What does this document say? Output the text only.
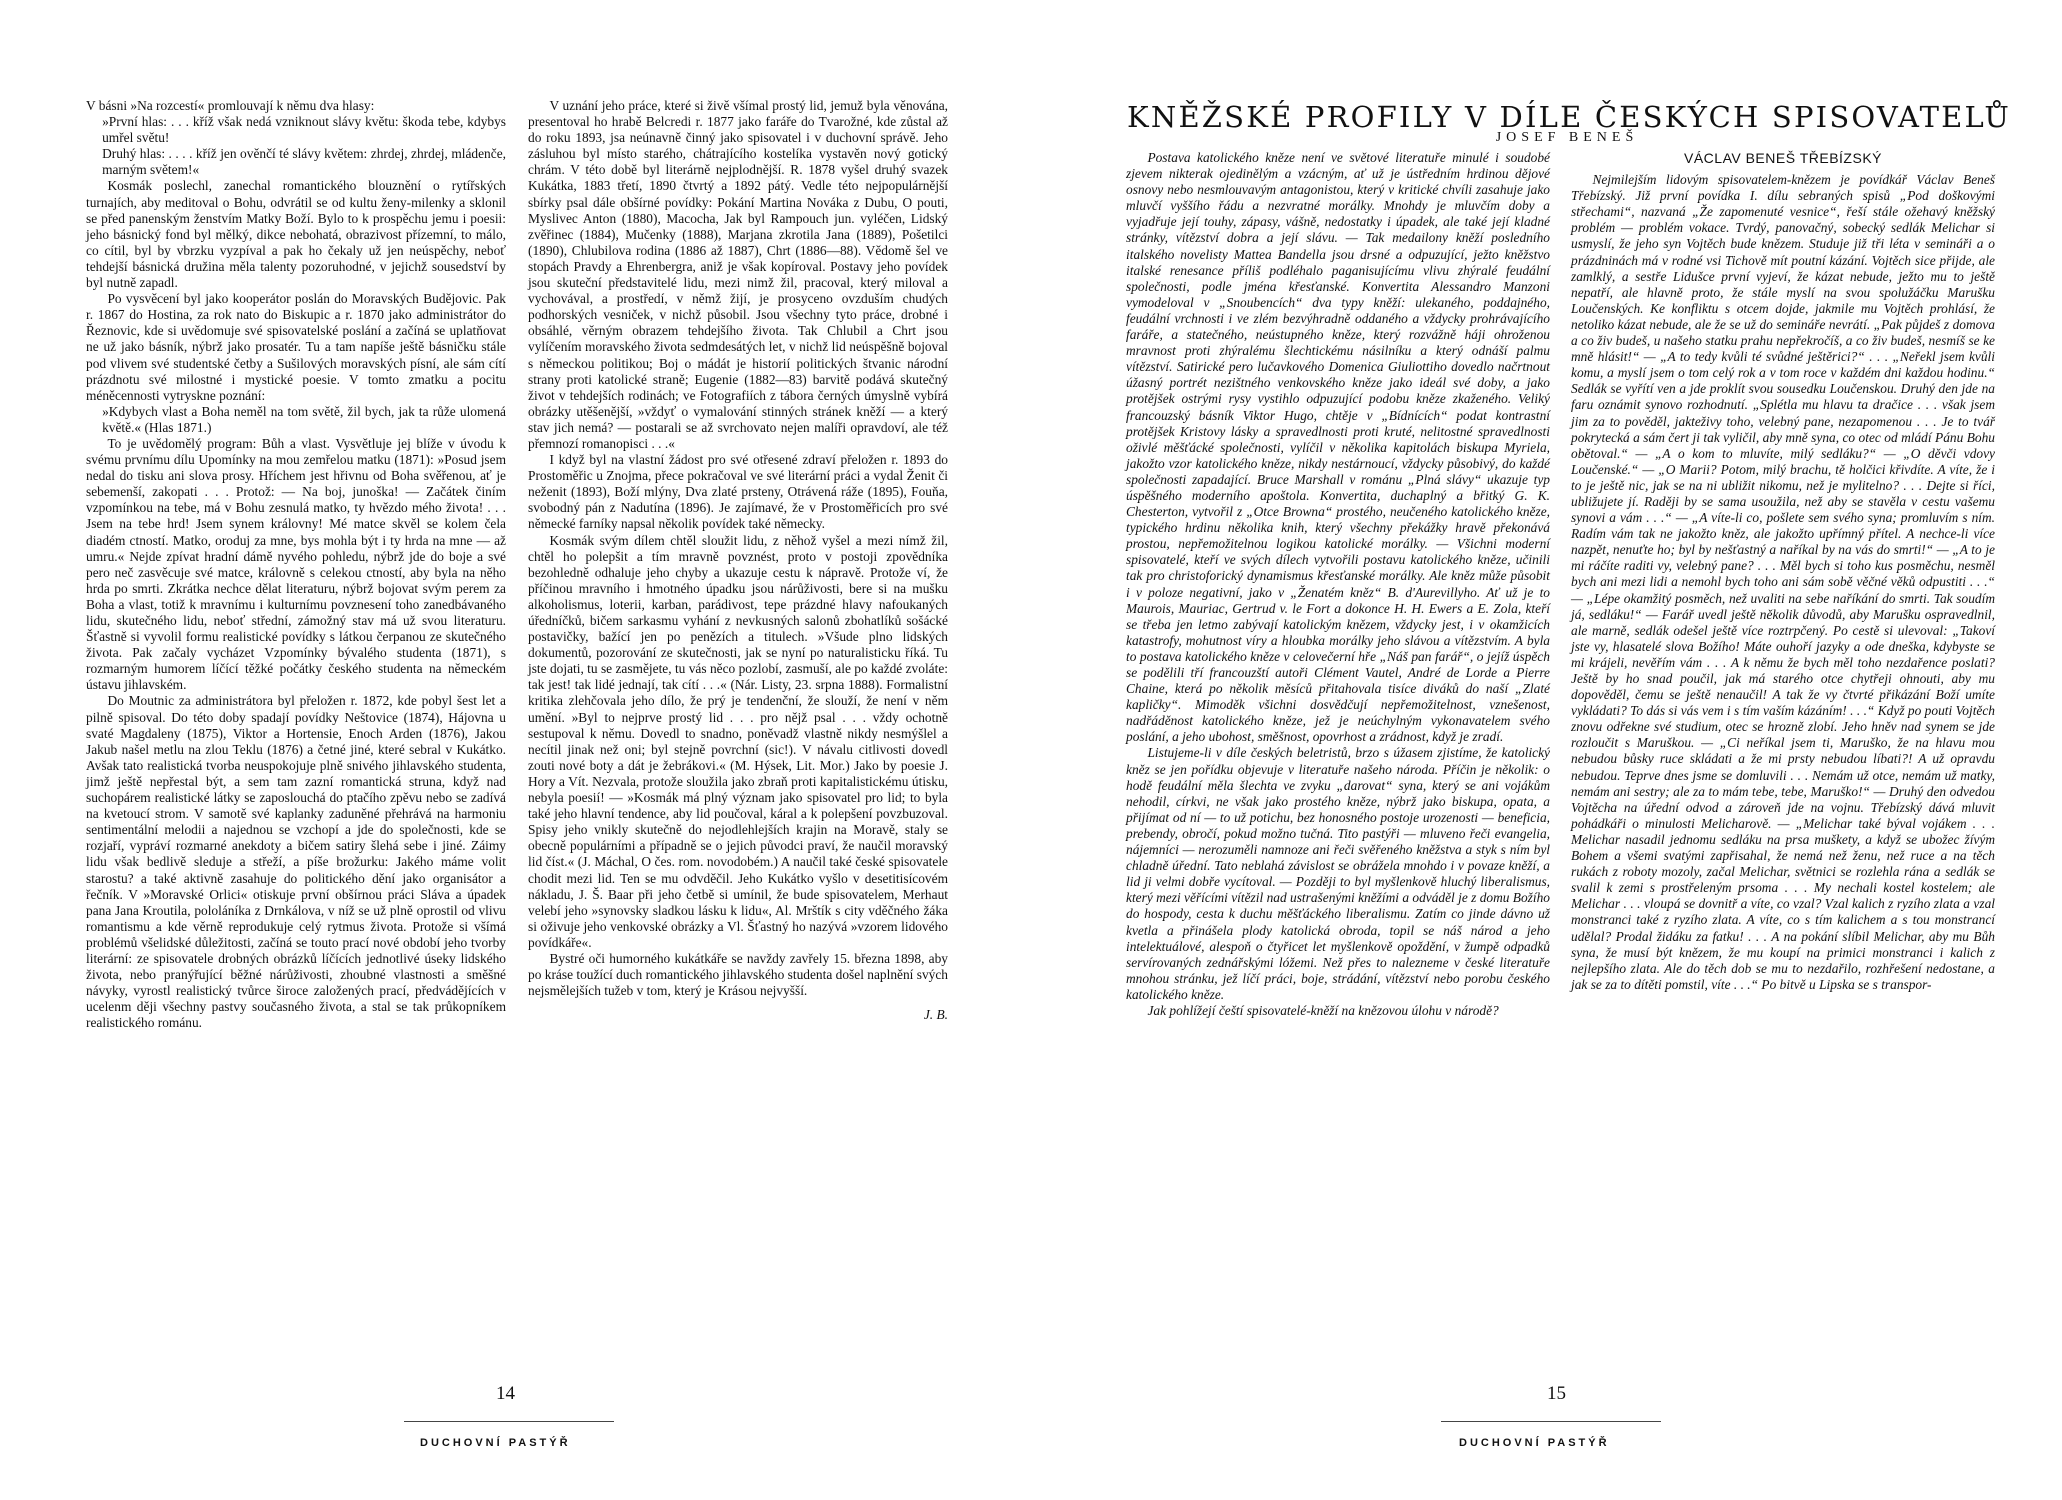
V básni »Na rozcestí« promlouvají k němu dva hlasy:

»První hlas: . . . kříž však nedá vzniknout slávy květu: škoda tebe, kdybys umřel světu!

Druhý hlas: . . . . kříž jen ověnčí té slávy květem: zhrdej, zhrdej, mládenče, marným světem!«

Kosmák poslechl, zanechal romantického blouznění o rytířských turnajích, aby meditoval o Bohu, odvrátil se od kultu ženy-milenky a sklonil se před panenským ženstvím Matky Boží. Bylo to k prospěchu jemu i poesii: jeho básnický fond byl mělký, dikce nebohatá, obrazivost přízemní, to málo, co cítil, byl by vbrzku vyzpíval a pak ho čekaly už jen neúspěchy, neboť tehdejší básnická družina měla talenty pozoruhodné, v jejichž sousedství by byl nutně zapadl.

Po vysvěcení byl jako kooperátor poslán do Moravských Budějovic. Pak r. 1867 do Hostina, za rok nato do Biskupic a r. 1870 jako administrátor do Řeznovic, kde si uvědomuje své spisovatelské poslání a začíná se uplatňovat ne už jako básník, nýbrž jako prosatér. Tu a tam napíše ještě básničku stále pod vlivem své studentské četby a Sušilových moravských písní, ale sám cítí prázdnotu své milostné i mystické poesie. V tomto zmatku a pocitu méněcennosti vytryskne poznání:

»Kdybych vlast a Boha neměl na tom světě, žil bych, jak ta růže ulomená květě.« (Hlas 1871.)

To je uvědomělý program: Bůh a vlast. Vysvětluje jej blíže v úvodu k svému prvnímu dílu Upomínky na mou zemřelou matku (1871): »Posud jsem nedal do tisku ani slova prosy. Hříchem jest hřivnu od Boha svěřenou, ať je sebemenší, zakopati . . . Protož: — Na boj, junoška! — Začátek činím vzpomínkou na tebe, má v Bohu zesnulá matko, ty hvězdo mého života! . . . Jsem na tebe hrd! Jsem synem královny! Mé matce skvěl se kolem čela diadém ctností. Matko, oroduj za mne, bys mohla být i ty hrda na mne — až umru.« Nejde zpívat hradní dámě nyvého pohledu, nýbrž jde do boje a své pero neč zasvěcuje své matce, královně s celekou ctností, aby byla na něho hrda po smrti. Zkrátka nechce dělat literaturu, nýbrž bojovat svým perem za Boha a vlast, totiž k mravnímu i kulturnímu povznesení toho zanedbávaného lidu, skutečného lidu, neboť střední, zámožný stav má už svou literaturu. Šťastně si vyvolil formu realistické povídky s látkou čerpanou ze skutečného života. Pak začaly vycházet Vzpomínky bývalého studenta (1871), s rozmarným humorem líčící těžké počátky českého studenta na německém ústavu jihlavském.

Do Moutnic za administrátora byl přeložen r. 1872, kde pobyl šest let a pilně spisoval. Do této doby spadají povídky Neštovice (1874), Hájovna u svaté Magdaleny (1875), Viktor a Hortensie, Enoch Arden (1876), Jakou Jakub našel metlu na zlou Teklu (1876) a četné jiné, které sebral v Kukátko. Avšak tato realistická tvorba neuspokojuje plně snivého jihlavského studenta, jimž ještě nepřestal být, a sem tam zazní romantická struna, když nad suchopárem realistické látky se zaposlouchá do ptačího zpěvu nebo se zadívá na kvetoucí strom. V samotě své kaplanky zaduněné přehrává na harmoniu sentimentální melodii a najednou se vzchopí a jde do společnosti, kde se rozjaří, vypráví rozmarné anekdoty a bičem satiry šlehá sebe i jiné. Záimy lidu však bedlivě sleduje a střeží, a píše brožurku: Jakého máme volit starostu? a také aktivně zasahuje do politického dění jako organisátor a řečník. V »Moravské Orlici« otiskuje první obšírnou práci Sláva a úpadek pana Jana Kroutila, pololáníka z Drnkálova, v níž se už plně oprostil od vlivu romantismu a kde věrně reprodukuje celý rytmus života. Protože si všímá problémů všelidské důležitosti, začíná se touto prací nové období jeho tvorby literární: ze spisovatele drobných obrázků líčících jednotlivé úseky lidského života, nebo pranýřující běžné nárůživosti, zhoubné vlastnosti a směšné návyky, vyrostl realistický tvůrce široce založených prací, předvádějících v ucelenm ději všechny pastvy současného života, a stal se tak průkopníkem realistického románu.

V uznání jeho práce, které si živě všímal prostý lid, jemuž byla věnována, presentoval ho hrabě Belcredi r. 1877 jako faráře do Tvarožné, kde zůstal až do roku 1893, jsa neúnavně činný jako spisovatel i v duchovní správě. Jeho zásluhou byl místo starého, chátrajícího kostelíka vystavěn nový gotický chrám. V této době byl literárně nejplodnější. R. 1878 vyšel druhý svazek Kukátka, 1883 třetí, 1890 čtvrtý a 1892 pátý. Vedle této nejpopulárnější sbírky psal dále obšírné povídky: Pokání Martina Nováka z Dubu, O pouti, Myslivec Anton (1880), Macocha, Jak byl Rampouch jun. vyléčen, Lidský zvěřinec (1884), Mučenky (1888), Marjana zkrotila Jana (1889), Pošetilci (1890), Chlubilova rodina (1886 až 1887), Chrt (1886—88). Vědomě šel ve stopách Pravdy a Ehrenbergra, aniž je však kopíroval. Postavy jeho povídek jsou skuteční představitelé lidu, mezi nimž žil, pracoval, který miloval a vychovával, a prostředí, v němž žijí, je prosyceno ovzduším chudých podhorských vesniček, v nichž působil. Jsou všechny tyto práce, drobné i obsáhlé, věrným obrazem tehdejšího života. Tak Chlubil a Chrt jsou vylíčením moravského života sedmdesátých let, v nichž lid neúspěšně bojoval s německou politikou; Boj o mádát je historií politických štvanic národní strany proti katolické straně; Eugenie (1882—83) barvitě podává skutečný život v tehdejších rodinách; ve Fotografiích z tábora černých úmyslně vybírá obrázky utěšenější, »vždyť o vymalování stinných stránek kněží — a který stav jich nemá? — postarali se až svrchovato nejen malíři opravdoví, ale též přemnozí romanopisci . . .«

I když byl na vlastní žádost pro své otřesené zdraví přeložen r. 1893 do Prostoměřic u Znojma, přece pokračoval ve své literární práci a vydal Ženit či neženit (1893), Boží mlýny, Dva zlaté prsteny, Otrávená ráže (1895), Fouňa, svobodný pán z Nadutína (1896). Je zajímavé, že v Prostoměřicích pro své německé farníky napsal několik povídek také německy.

Kosmák svým dílem chtěl sloužit lidu, z něhož vyšel a mezi nímž žil, chtěl ho polepšit a tím mravně povznést, proto v postoji zpovědníka bezohledně odhaluje jeho chyby a ukazuje cestu k nápravě. Protože ví, že příčinou mravního i hmotného úpadku jsou nárůživosti, bere si na mušku alkoholismus, loterii, karban, parádivost, tepe prázdné hlavy nafoukaných úředníčků, bičem sarkasmu vyhání z nevkusných salonů zbohatlíků sošácké postavičky, bažící jen po penězích a titulech. »Všude plno lidských dokumentů, pozorování ze skutečnosti, jak se nyní po naturalisticku říká. Tu jste dojati, tu se zasmějete, tu vás něco pozlobí, zasmuší, ale po každé zvoláte: tak jest! tak lidé jednají, tak cítí . . .« (Nár. Listy, 23. srpna 1888). Formalistní kritika zlehčovala jeho dílo, že prý je tendenční, že slouží, že není v něm umění. »Byl to nejprve prostý lid . . . pro nějž psal . . . vždy ochotně sestupoval k němu. Dovedl to snadno, poněvadž vlastně nikdy nesmýšlel a necítil jinak než oni; byl stejně povrchní (sic!). V návalu citlivosti dovedl zouti nové boty a dát je žebrákovi.« (M. Hýsek, Lit. Mor.) Jako by poesie J. Hory a Vít. Nezvala, protože sloužila jako zbraň proti kapitalistickému útisku, nebyla poesií! — »Kosmák má plný význam jako spisovatel pro lid; to byla také jeho hlavní tendence, aby lid poučoval, káral a k polepšení povzbuzoval. Spisy jeho vnikly skutečně do nejodlehlejších krajin na Moravě, staly se obecně populárními a případně se o jejich původci praví, že naučil moravský lid číst.« (J. Máchal, O čes. rom. novodobém.) A naučil také české spisovatele chodit mezi lid. Ten se mu odvděčil. Jeho Kukátko vyšlo v desetitisícovém nákladu, J. Š. Baar při jeho četbě si umínil, že bude spisovatelem, Merhaut velebí jeho »synovsky sladkou lásku k lidu«, Al. Mrštík s city vděčného žáka si oživuje jeho venkovské obrázky a Vl. Šťastný ho nazývá »vzorem lidového povídkáře«.

Bystré oči humorného kukátkáře se navždy zavřely 15. března 1898, aby po kráse toužící duch romantického jihlavského studenta došel naplnění svých nejsmělejších tužeb v tom, který je Krásou nejvyšší.

J. B.
14
DUCHOVNÍ PASTÝŘ
KNĚŽSKÉ PROFILY V DÍLE ČESKÝCH SPISOVATELŮ
JOSEF BENEŠ

Postava katolického kněze není ve světové literatuře minulé i soudobé zjevem nikterak ojedinělým a vzácným, ať už je ústředním hrdinou dějové osnovy nebo nesmlouvavým antagonistou, který v kritické chvíli zasahuje jako mluvčí vyššího řádu a nezvratné morálky. Mnohdy je mluvčím doby a vyjadřuje její touhy, zápasy, vášně, nedostatky i úpadek, ale také její kladné stránky, vítězství dobra a její slávu. — Tak medailony kněží posledního italského novelisty Mattea Bandella jsou drsné a odpuzující, ježto kněžstvo italské renesance příliš podléhalo paganisujícímu vlivu zhýralé feudální společnosti, podle jména křesťanské. Konvertita Alessandro Manzoni vymodeloval v „Snoubencích“ dva typy kněží: ulekaného, poddajného, feudální vrchnosti i ve zlém bezvýhradně oddaného a vždycky prohrávajícího faráře, a statečného, neústupného kněze, který rozvážně háji ohroženou mravnost proti zhýralému šlechtickému násilníku a který odnáší palmu vítězství. Satirické pero lučavkového Domenica Giuliottiho dovedlo načrtnout úžasný portrét nezištného venkovského kněze jako ideál své doby, a jako protějšek ostrými rysy vystihlo odpuzující podobu kněze zkaženého. Veliký francouzský básník Viktor Hugo, chtěje v „Bídnících“ podat kontrastní protějšek Kristovy lásky a spravedlnosti proti kruté, nelitostné spravedlnosti oživlé měšťácké společnosti, vylíčil v několika kapitolách biskupa Myriela, jakožto vzor katolického kněze, nikdy nestárnoucí, vždycky působivý, do každé společnosti zapadající. Bruce Marshall v románu „Plná slávy“ ukazuje typ úspěšného moderního apoštola. Konvertita, duchaplný a břitký G. K. Chesterton, vytvořil z „Otce Browna“ prostého, neučeného katolického kněze, typického hrdinu několika knih, který všechny překážky hravě překonává prostou, nepřemožitelnou logikou katolické morálky. — Všichni moderní spisovatelé, kteří ve svých dílech vytvořili postavu katolického kněze, učinili tak pro christoforický dynamismus křesťanské morálky. Ale kněz může působit i v poloze negativní, jako v „Ženatém kněz“ B. d'Aurevillyho. Ať už je to Maurois, Mauriac, Gertrud v. le Fort a dokonce H. H. Ewers a E. Zola, kteří se třeba jen letmo zabývají katolickým knězem, vždycky jest, i v okamžicích katastrofy, mohutnost víry a hloubka morálky jeho slávou a vítězstvím. A byla to postava katolického kněze v celovečerní hře „Náš pan farář“, o jejíž úspěch se podělili tří francouzští autoři Clément Vautel, André de Lorde a Pierre Chaine, která po několik měsíců přitahovala tisíce diváků do naší „Zlaté kapličky“. Mimoděk všichni dosvědčují nepřemožitelnost, vznešenost, nadřáděnost katolického kněze, jež je neúchylným vykonavatelem svého poslání, a jeho ubohost, směšnost, opovrhost a zrádnost, když je zradí.

Listujeme-li v díle českých beletristů, brzo s úžasem zjistíme, že katolický kněz se jen pořídku objevuje v literatuře našeho národa. Příčin je několik: o hodě feudální měla šlechta ve zvyku „darovat“ syna, který se ani vojákům nehodil, církvi, ne však jako prostého kněze, nýbrž jako biskupa, opata, a přijímat od ní — to už potichu, bez honosného postoje urozenosti — beneficia, prebendy, obročí, pokud možno tučná. Tito pastýři — mluveno řeči evangelia, nájemníci — nerozuměli namnoze ani řeči svěřeného kněžstva a styk s ním byl chladně úřední. Tato neblahá závislost se obrážela mnohdo i v povaze kněží, a lid ji velmi dobře vycítoval. — Později to byl myšlenkově hluchý liberalismus, který mezi věřícími vítězil nad ustrašenými kněžími a odváděl je z domu Božího do hospody, cesta k duchu měšťáckého liberalismu. Zatím co jinde dávno už kvetla a přinášela plody katolická obroda, topil se náš národ a jeho intelektuálové, alespoň o čtyřicet let myšlenkově opoždění, v žumpě odpadků servírovaných zednářskými lóžemi. Než přes to nalezneme v české literatuře mnohou stránku, jež líčí práci, boje, strádání, vítězství nebo porobu českého katolického kněze.

Jak pohlížejí čeští spisovatelé-kněží na knězovou úlohu v národě?

VÁCLAV BENEŠ TŘEBÍZSKÝ

Nejmilejším lidovým spisovatelem-knězem je povídkář Václav Beneš Třebízský. Již první povídka I. dílu sebraných spisů „Pod doškovými střechami“, nazvaná „Že zapomenuté vesnice“, řeší stále ožehavý kněžský problém — problém vokace. Tvrdý, panovačný, sobecký sedlák Melichar si usmyslí, že jeho syn Vojtěch bude knězem. Studuje již tři léta v semináři a o prázdninách má v rodné vsi Tichově mít poutní kázání. Vojtěch sice přijde, ale zamlklý, a sestře Lidušce první vyjeví, že kázat nebude, ježto mu to ještě nepatří, ale hlavně proto, že stále myslí na svou spolužáčku Marušku Loučenských. Ke konfliktu s otcem dojde, jakmile mu Vojtěch prohlásí, že netoliko kázat nebude, ale že se už do semináře nevrátí. „Pak půjdeš z domova a co živ budeš, u našeho statku prahu nepřekročíš, a co živ budeš, nesmíš se ke mně hlásit!“ — „A to tedy kvůli té svůdné ještěrici?“ . . . „Neřekl jsem kvůli komu, a myslí jsem o tom celý rok a v tom roce v každém dni každou hodinu.“ Sedlák se vyřítí ven a jde proklít svou sousedku Loučenskou. Druhý den jde na faru oznámit synovo rozhodnutí. „Splétla mu hlavu ta dračice . . . však jsem jim za to pověděl, jakteživy toho, velebný pane, nezapomenou . . . Je to tvář pokrytecká a sám čert ji tak vyličil, aby mně syna, co otec od mládí Pánu Bohu obětoval.“ — „A o kom to mluvíte, milý sedláku?“ — „O děvči vdovy Loučenské.“ — „O Marii? Potom, milý brachu, tě holčici křivdíte. A víte, že i to je ještě nic, jak se na ni ubližit nikomu, než je mylitelno? . . . Dejte si říci, ubližujete jí. Raději by se sama usoužila, než aby se stavěla v cestu vašemu synovi a vám . . .“ — „A víte-li co, pošlete sem svého syna; promluvím s ním. Radím vám tak ne jakožto kněz, ale jakožto upřímný přítel. A nechce-li více nazpět, nenuťte ho; byl by nešťastný a naříkal by na vás do smrti!“ — „A to je mi ráčíte raditi vy, velebný pane? . . . Měl bych si toho kus posměchu, nesměl bych ani mezi lidi a nemohl bych toho ani sám sobě věčné věků odpustiti . . .“ — „Lépe okamžitý posměch, než uvaliti na sebe naříkání do smrti. Tak soudím já, sedláku!“ — Farář uvedl ještě několik důvodů, aby Marušku ospravedlnil, ale marně, sedlák odešel ještě více roztrpčený. Po cestě si ulevoval: „Takoví jste vy, hlasatelé slova Božího! Máte ouhoří jazyky a ode dneška, kdybyste se mi krájeli, nevěřím vám . . . A k němu že bych měl toho nezdařence poslati? Ještě by ho snad poučil, jak má starého otce chytřeji ohnouti, aby mu dopověděl, čemu se ještě nenaučil! A tak že vy čtvrté přikázání Boží umíte vykládati? To dás si vás vem i s tím vaším kázáním! . . .“ Když po pouti Vojtěch znovu odřekne své studium, otec se hrozně zlobí. Jeho hněv nad synem se jde rozloučit s Maruškou. — „Ci neříkal jsem ti, Maruško, že na hlavu mou nebudou bůsky ruce skládati a že mi prsty nebudou líbati?! A už opravdu nebudou. Teprve dnes jsme se domluvili . . . Nemám už otce, nemám už matky, nemám ani sestry; ale za to mám tebe, tebe, Maruško!“ — Druhý den odvedou Vojtěcha na úřední odvod a zároveň jde na vojnu. Třebízský dává mluvit pohádkáři o minulosti Melicharově. — „Melichar také býval vojákem . . . Melichar nasadil jednomu sedláku na prsa muškety, a když se ubožec žívým Bohem a všemi svatými zapřisahal, že nemá než ženu, než ruce a na těch rukách z roboty mozoly, začal Melichar, světnici se rozlehla rána a sedlák se svalil k zemi s prostřeleným prsoma . . . My nechali kostel kostelem; ale Melichar . . . vloupá se dovnitř a víte, co vzal? Vzal kalich z ryzího zlata a vzal monstranci také z ryzího zlata. A víte, co s tím kalichem a s tou monstrancí udělal? Prodal židáku za fatku! . . . A na pokání slíbil Melichar, aby mu Bůh syna, že musí být knězem, že mu koupí na primici monstranci i kalich z nejlepšího zlata. Ale do těch dob se mu to nezdařilo, rozhřešení nedostane, a jak se za to dítěti pomstil, víte . . .“ Po bitvě u Lipska se s transpor-

15
DUCHOVNÍ PASTÝŘ
